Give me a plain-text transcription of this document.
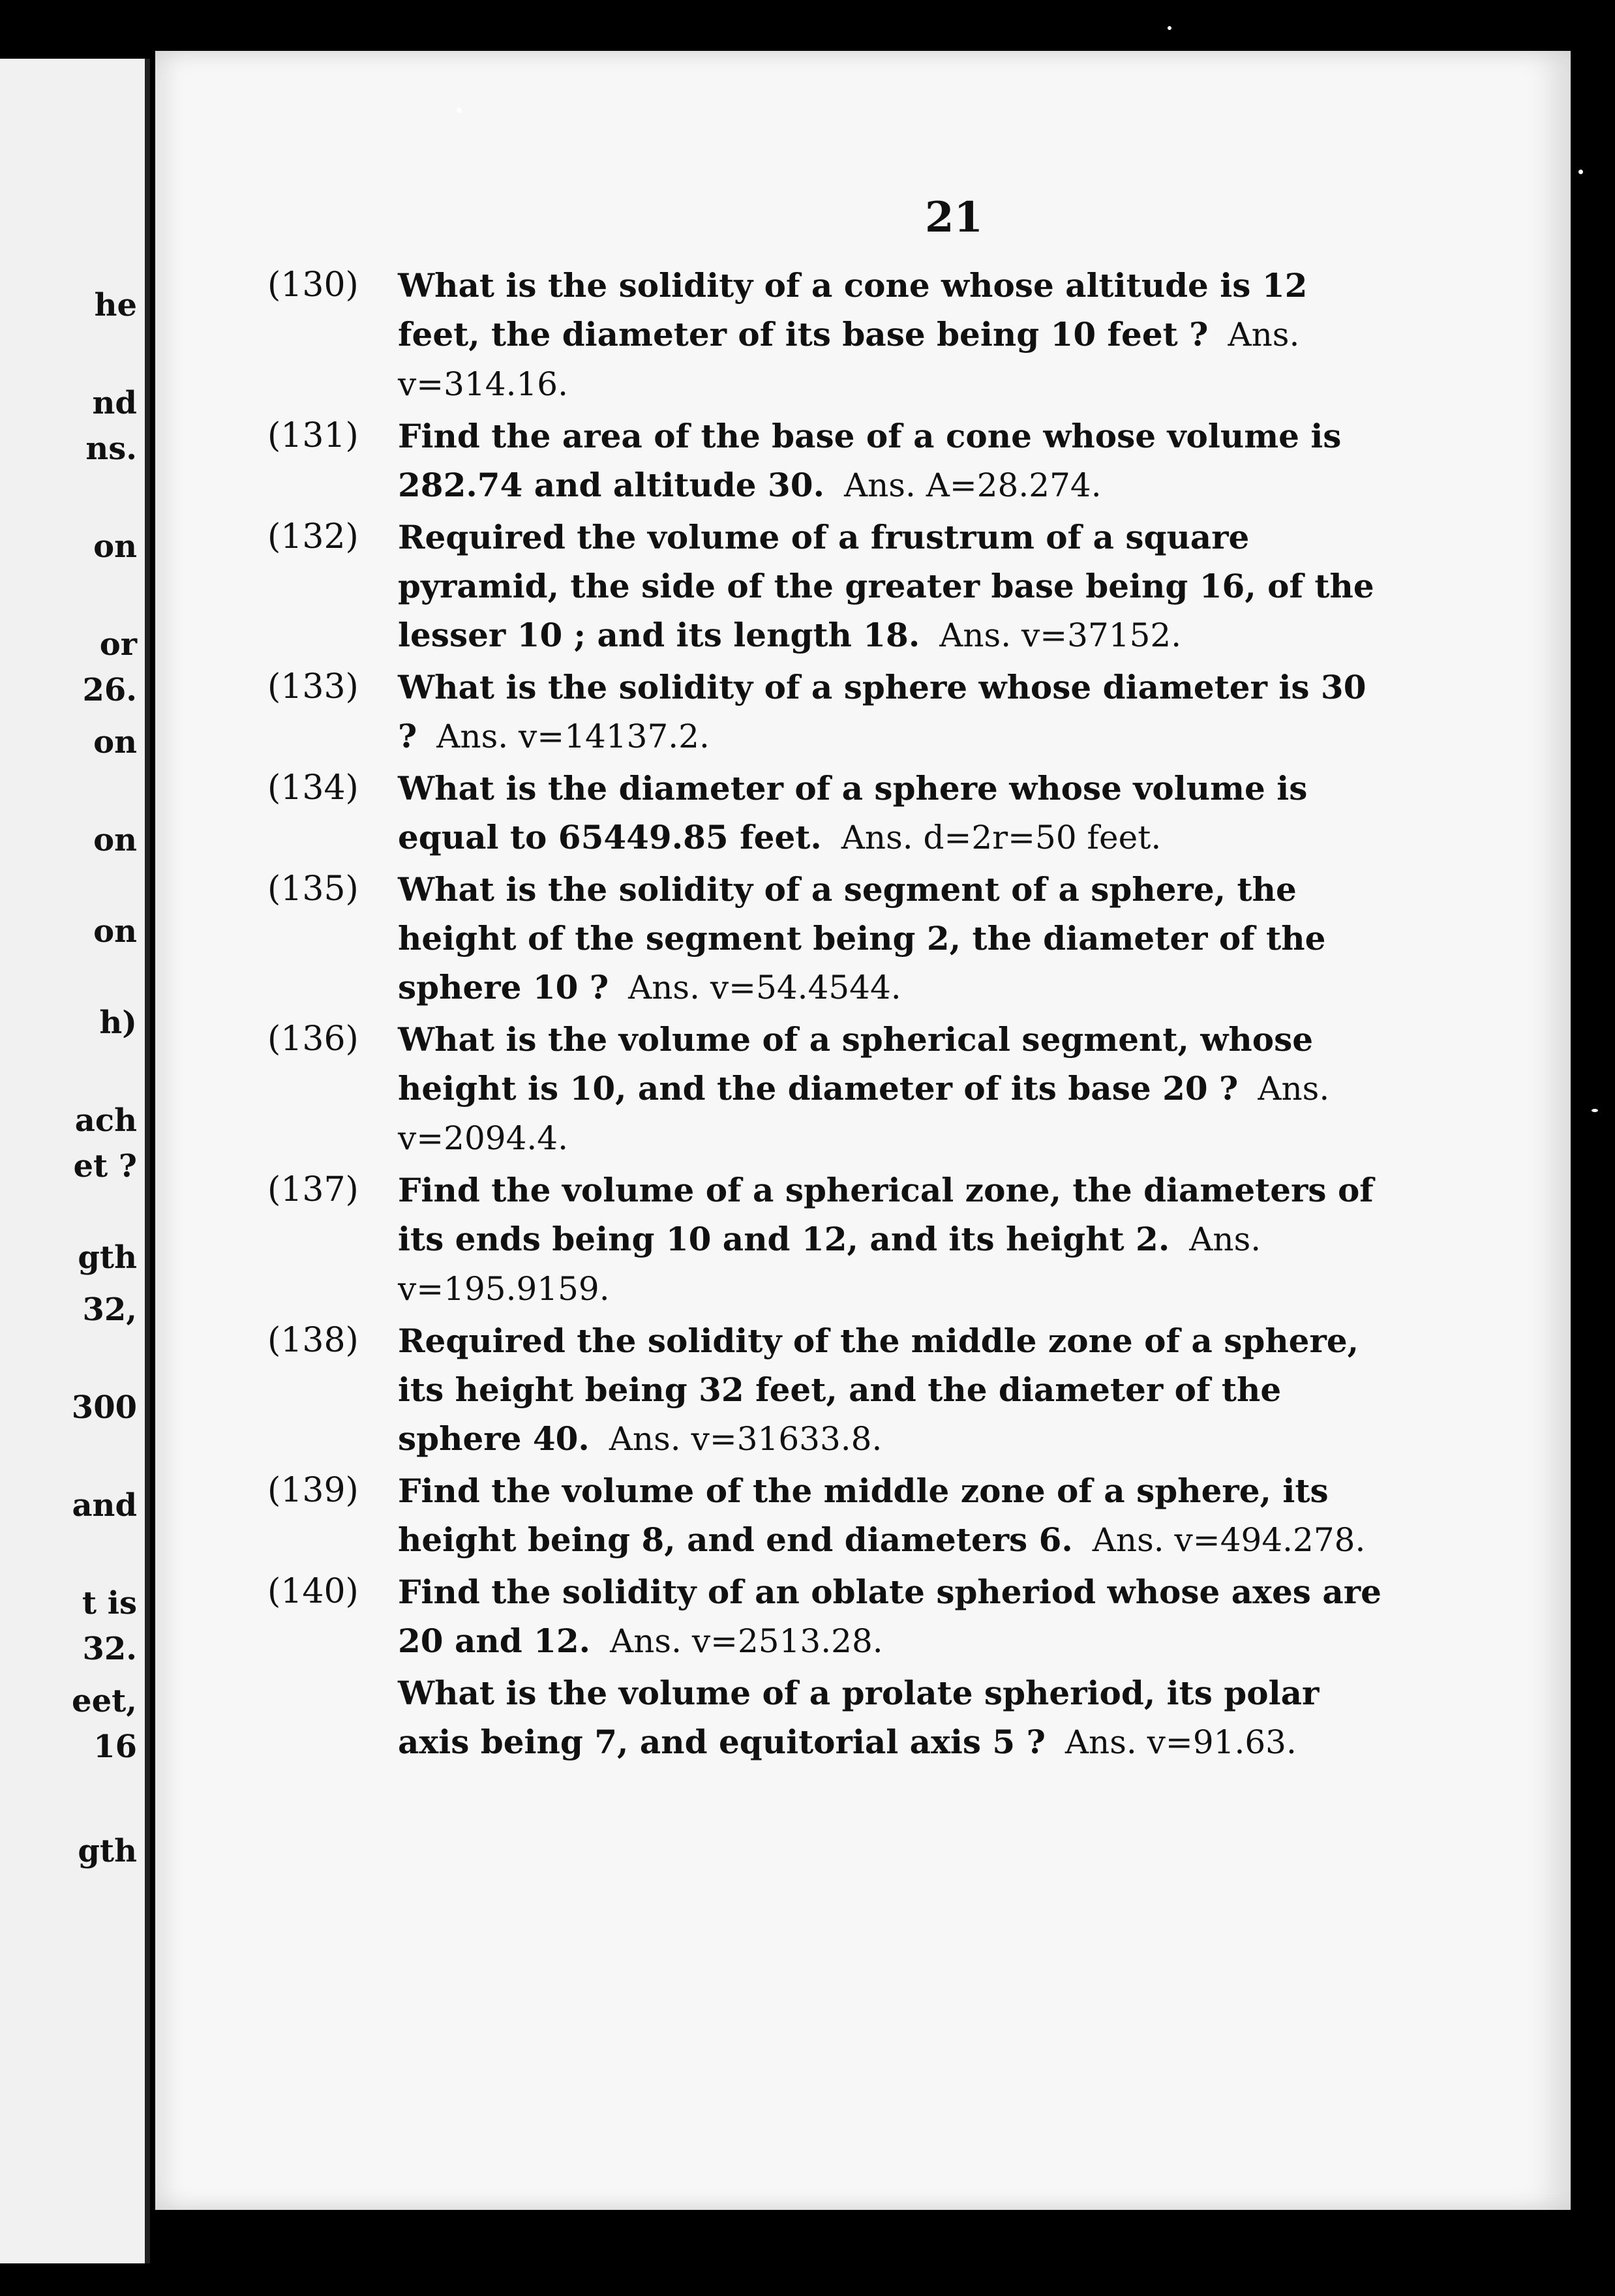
he
nd
ns.
on
or
26.
on
on
on
h)
ach
et ?
gth
32,
300
and
t is
32.
eet,
16
gth
21
(130)	What is the solidity of a cone whose altitude is 12 feet, the diameter of its base being 10 feet ? Ans. v=314.16.
(131)	Find the area of the base of a cone whose volume is 282.74 and altitude 30. Ans. A=28.274.
(132)	Required the volume of a frustrum of a square pyramid, the side of the greater base being 16, of the lesser 10 ; and its length 18. Ans. v=37152.
(133)	What is the solidity of a sphere whose diameter is 30 ? Ans. v=14137.2.
(134)	What is the diameter of a sphere whose volume is equal to 65449.85 feet. Ans. d=2r=50 feet.
(135)	What is the solidity of a segment of a sphere, the height of the segment being 2, the diameter of the sphere 10 ? Ans. v=54.4544.
(136)	What is the volume of a spherical segment, whose height is 10, and the diameter of its base 20 ? Ans. v=2094.4.
(137)	Find the volume of a spherical zone, the diameters of its ends being 10 and 12, and its height 2. Ans. v=195.9159.
(138)	Required the solidity of the middle zone of a sphere, its height being 32 feet, and the diameter of the sphere 40. Ans. v=31633.8.
(139)	Find the volume of the middle zone of a sphere, its height being 8, and end diameters 6. Ans. v=494.278.
(140)	Find the solidity of an oblate spheriod whose axes are 20 and 12. Ans. v=2513.28.
What is the volume of a prolate spheriod, its polar axis being 7, and equitorial axis 5 ? Ans. v=91.63.
